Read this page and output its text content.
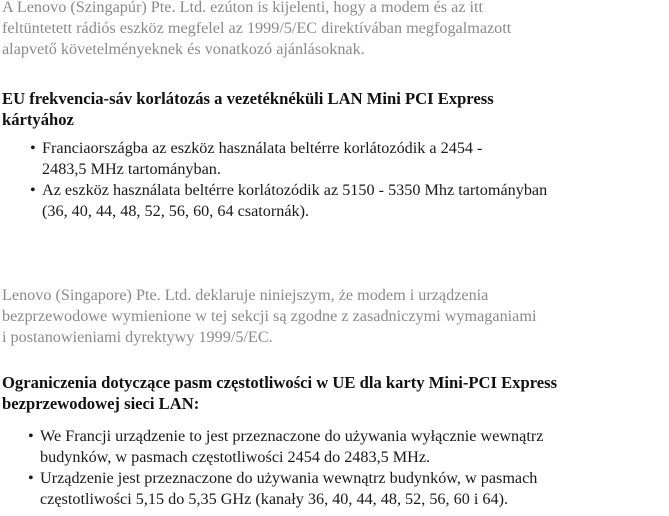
A Lenovo (Szingapúr) Pte. Ltd. ezúton is kijelenti, hogy a modem és az itt
feltüntetett rádiós eszköz megfelel az 1999/5/EC direktívában megfogalmazott
alapvető követelményeknek és vonatkozó ajánlásoknak.

EU frekvencia-sáv korlátozás a vezetéknéküli LAN Mini PCI Express
kártyához

• Franciaországba az eszköz használata beltérre korlátozódik a 2454 -
2483,5 MHz tartományban.
• Az eszköz használata beltérre korlátozódik az 5150 - 5350 Mhz tartományban
(36, 40, 44, 48, 52, 56, 60, 64 csatornák).

Lenovo (Singapore) Pte. Ltd. deklaruje niniejszym, że modem i urządzenia
bezprzewodowe wymienione w tej sekcji są zgodne z zasadniczymi wymaganiami
i postanowieniami dyrektywy 1999/5/EC.

Ograniczenia dotyczące pasm częstotliwości w UE dla karty Mini-PCI Express
bezprzewodowej sieci LAN:

• We Francji urządzenie to jest przeznaczone do używania wyłącznie wewnątrz
budynków, w pasmach częstotliwości 2454 do 2483,5 MHz.
• Urządzenie jest przeznaczone do używania wewnątrz budynków, w pasmach
częstotliwości 5,15 do 5,35 GHz (kanały 36, 40, 44, 48, 52, 56, 60 i 64).
